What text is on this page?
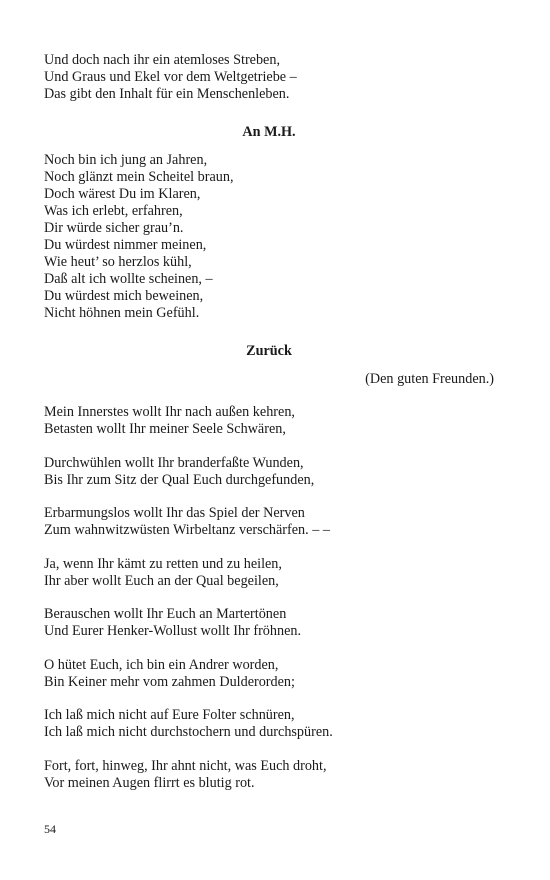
Und doch nach ihr ein atemloses Streben,
Und Graus und Ekel vor dem Weltgetriebe –
Das gibt den Inhalt für ein Menschenleben.
An M.H.
Noch bin ich jung an Jahren,
Noch glänzt mein Scheitel braun,
Doch wärest Du im Klaren,
Was ich erlebt, erfahren,
Dir würde sicher grau’n.
Du würdest nimmer meinen,
Wie heut’ so herzlos kühl,
Daß alt ich wollte scheinen, –
Du würdest mich beweinen,
Nicht höhnen mein Gefühl.
Zurück
(Den guten Freunden.)
Mein Innerstes wollt Ihr nach außen kehren,
Betasten wollt Ihr meiner Seele Schwären,
Durchwühlen wollt Ihr branderfaßte Wunden,
Bis Ihr zum Sitz der Qual Euch durchgefunden,
Erbarmungslos wollt Ihr das Spiel der Nerven
Zum wahnwitzwüsten Wirbeltanz verschärfen. – –
Ja, wenn Ihr kämt zu retten und zu heilen,
Ihr aber wollt Euch an der Qual begeilen,
Berauschen wollt Ihr Euch an Martertönen
Und Eurer Henker-Wollust wollt Ihr fröhnen.
O hütet Euch, ich bin ein Andrer worden,
Bin Keiner mehr vom zahmen Dulderorden;
Ich laß mich nicht auf Eure Folter schnüren,
Ich laß mich nicht durchstochern und durchspüren.
Fort, fort, hinweg, Ihr ahnt nicht, was Euch droht,
Vor meinen Augen flirrt es blutig rot.
54
